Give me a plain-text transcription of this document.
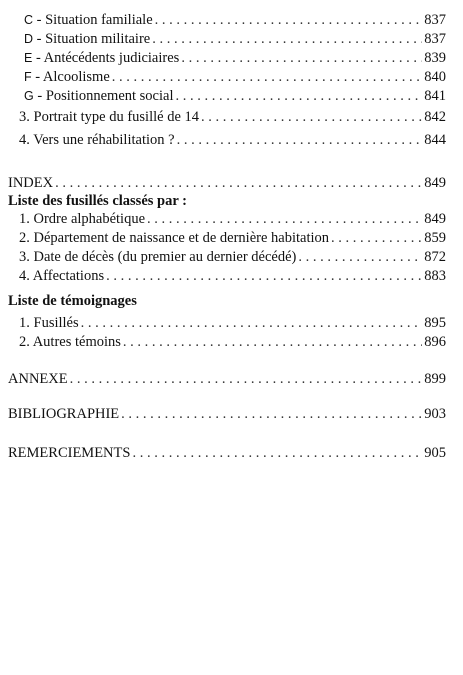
C - Situation familiale . . .	837
D - Situation militaire . . .	837
E - Antécédents judiciaires . . .	839
F - Alcoolisme . . .	840
G - Positionnement social . . .	841
3. Portrait type du fusillé de 14 . . .	842
4. Vers une réhabilitation ? . . .	844
INDEX . . .	849
Liste des fusillés classés par :
1. Ordre alphabétique . . .	849
2. Département de naissance et de dernière habitation . . .	859
3. Date de décès (du premier au dernier décédé) . . .	872
4. Affectations . . .	883
Liste de témoignages
1. Fusillés . . .	895
2. Autres témoins . . .	896
ANNEXE . . .	899
BIBLIOGRAPHIE . . .	903
REMERCIEMENTS . . .	905
